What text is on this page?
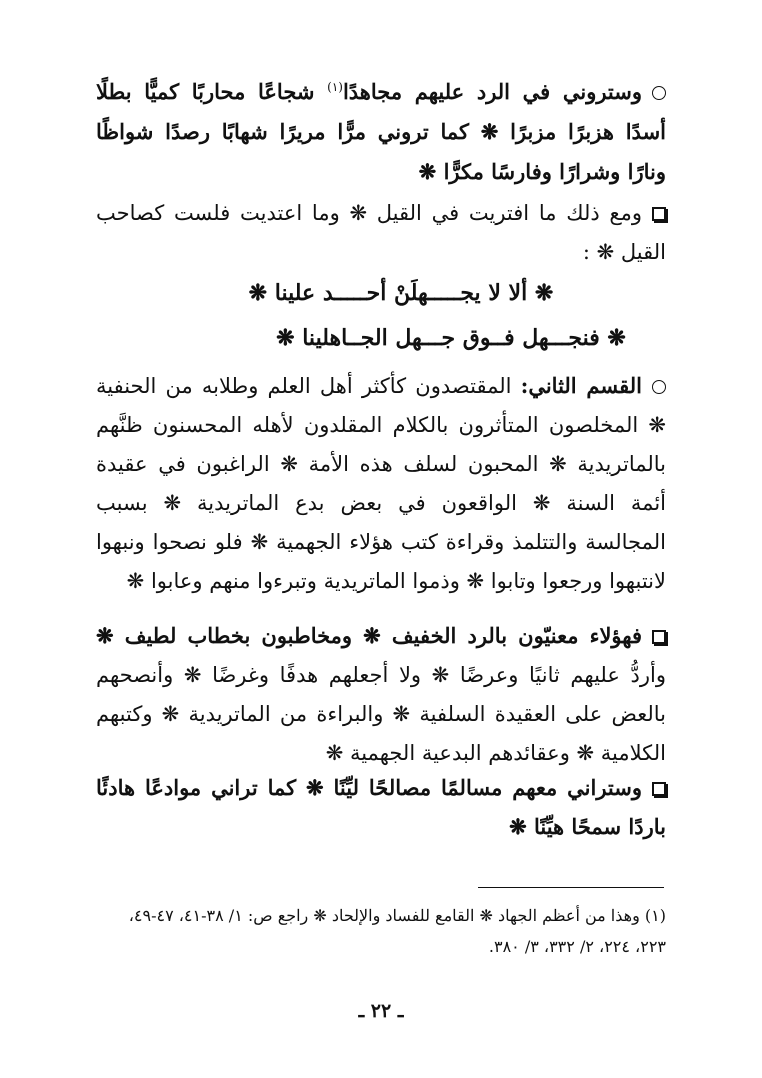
وستروني في الرد عليهم مجاهدًا$^{(١)}$ شجاعًا محاربًا كميًّا بطلًا أسدًا هزبرًا مزبرًا ❋ كما تروني مرًّا مريرًا شهابًا رصدًا شواظًا ونارًا وشرارًا وفارسًا مكرًّا ❋
ومع ذلك ما افتريت في القيل ❋ وما اعتديت فلست كصاحب القيل ❋ :
❋ ألا لا يجـــــهلَنْ أحـــــد علينا ❋
❋ فنجـــهل فــوق جـــهل الجــاهلينا ❋
القسم الثاني: المقتصدون كأكثر أهل العلم وطلابه من الحنفية ❋ المخلصون المتأثرون بالكلام المقلدون لأهله المحسنون ظنَّهم بالماتريدية ❋ المحبون لسلف هذه الأمة ❋ الراغبون في عقيدة أئمة السنة ❋ الواقعون في بعض بدع الماتريدية ❋ بسبب المجالسة والتتلمذ وقراءة كتب هؤلاء الجهمية ❋ فلو نصحوا ونبهوا لانتبهوا ورجعوا وتابوا ❋ وذموا الماتريدية وتبرءوا منهم وعابوا ❋
فهؤلاء معنيّون بالرد الخفيف ❋ ومخاطبون بخطاب لطيف ❋ وأردُّ عليهم ثانيًا وعرضًا ❋ ولا أجعلهم هدفًا وغرضًا ❋ وأنصحهم بالعض على العقيدة السلفية ❋ والبراءة من الماتريدية ❋ وكتبهم الكلامية ❋ وعقائدهم البدعية الجهمية ❋
وستراني معهم مسالمًا مصالحًا ليِّنًا ❋ كما تراني موادعًا هادئًا باردًا سمحًا هيِّنًا ❋
(١) وهذا من أعظم الجهاد ❋ القامع للفساد والإلحاد ❋ راجع ص: ١/ ٣٨-٤١، ٤٧-٤٩، ٢٢٣، ٢٢٤، ٢/ ٣٣٢، ٣/ ٣٨٠.
ـ ٢٢ ـ
